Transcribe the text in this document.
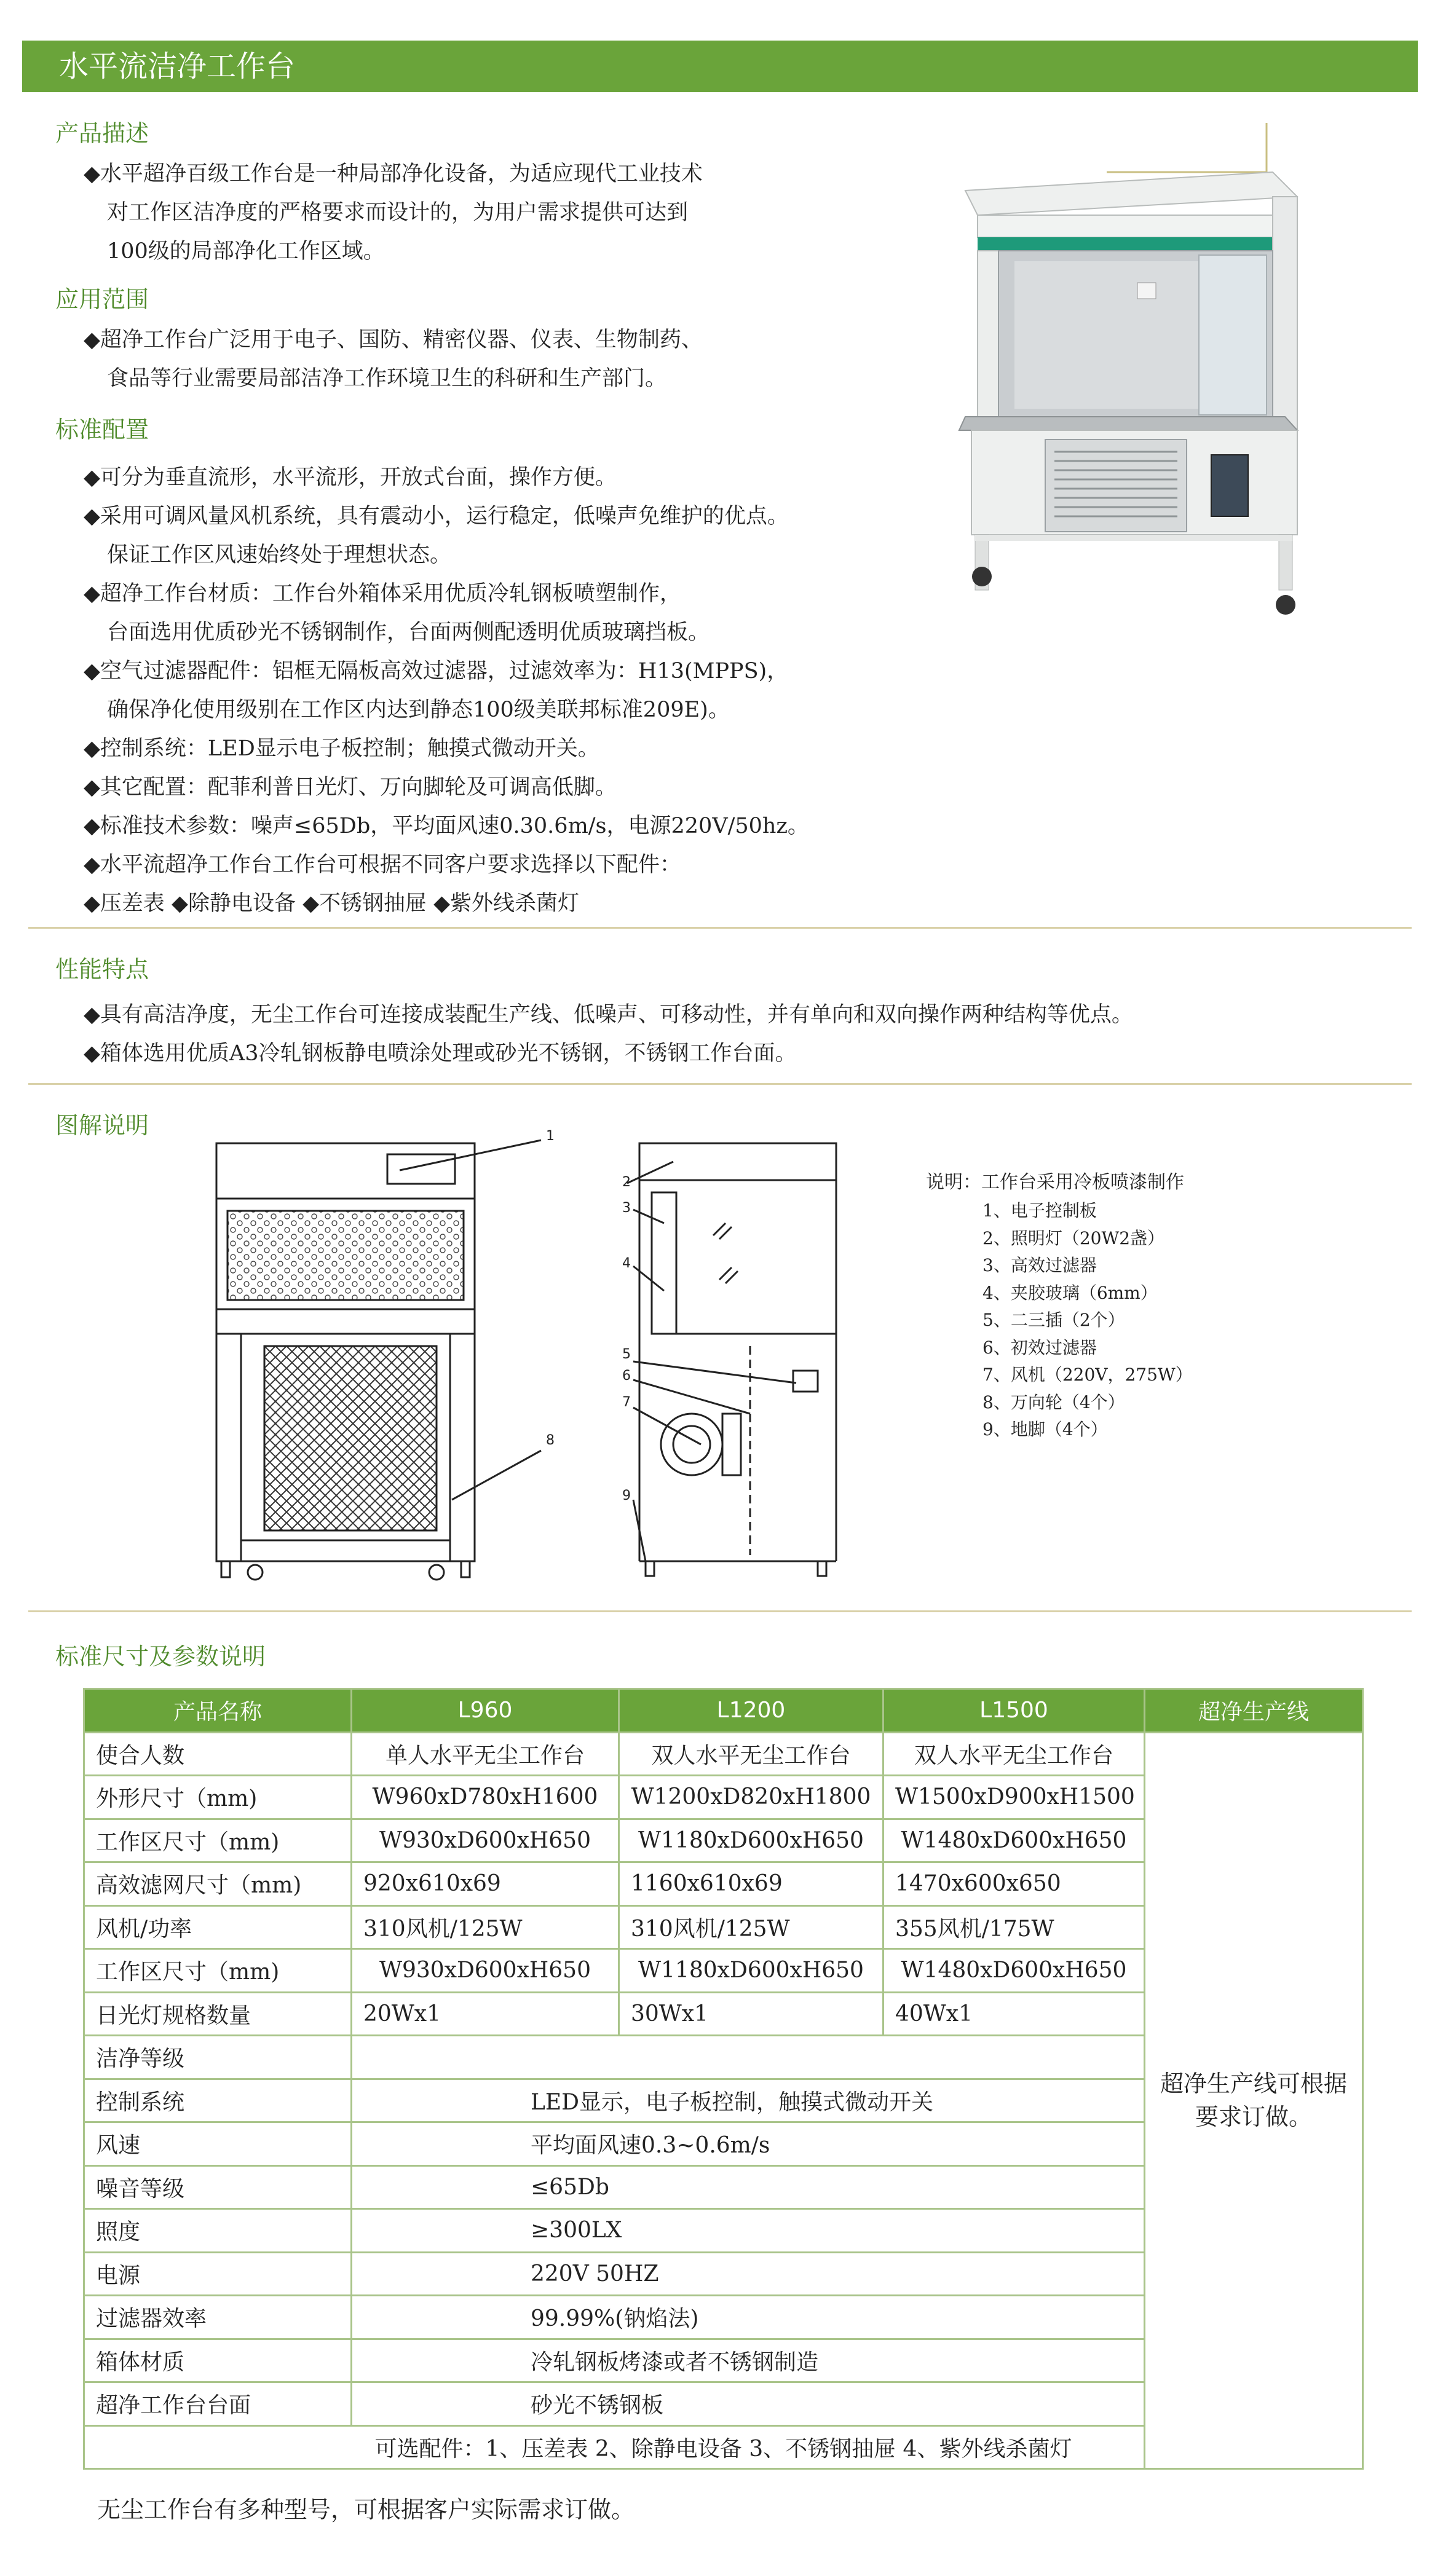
水平流洁净工作台
产品描述
◆水平超净百级工作台是一种局部净化设备，为适应现代工业技术
对工作区洁净度的严格要求而设计的，为用户需求提供可达到
100级的局部净化工作区域。
应用范围
◆超净工作台广泛用于电子、国防、精密仪器、仪表、生物制药、
食品等行业需要局部洁净工作环境卫生的科研和生产部门。
标准配置
◆可分为垂直流形，水平流形，开放式台面，操作方便。
◆采用可调风量风机系统，具有震动小，运行稳定，低噪声免维护的优点。
保证工作区风速始终处于理想状态。
◆超净工作台材质：工作台外箱体采用优质冷轧钢板喷塑制作，
台面选用优质砂光不锈钢制作，台面两侧配透明优质玻璃挡板。
◆空气过滤器配件：铝框无隔板高效过滤器，过滤效率为：H13(MPPS)，
确保净化使用级别在工作区内达到静态100级美联邦标准209E)。
◆控制系统：LED显示电子板控制；触摸式微动开关。
◆其它配置：配菲利普日光灯、万向脚轮及可调高低脚。
◆标准技术参数：噪声≤65Db，平均面风速0.30.6m/s，电源220V/50hz。
◆水平流超净工作台工作台可根据不同客户要求选择以下配件：
◆压差表 ◆除静电设备 ◆不锈钢抽屉 ◆紫外线杀菌灯
性能特点
◆具有高洁净度，无尘工作台可连接成装配生产线、低噪声、可移动性，并有单向和双向操作两种结构等优点。
◆箱体选用优质A3冷轧钢板静电喷涂处理或砂光不锈钢，不锈钢工作台面。
图解说明	1
2
3
4
5
6
7
8
9
说明：工作台采用冷板喷漆制作
1、电子控制板
2、照明灯（20W2盏）
3、高效过滤器
4、夹胶玻璃（6mm）
5、二三插（2个）
6、初效过滤器
7、风机（220V，275W）
8、万向轮（4个）
9、地脚（4个）
标准尺寸及参数说明
产品名称	L960	L1200	L1500	超净生产线
使合人数	单人水平无尘工作台	双人水平无尘工作台	双人水平无尘工作台	超净生产线可根据要求订做。
外形尺寸（mm)	W960xD780xH1600	W1200xD820xH1800	W1500xD900xH1500	
工作区尺寸（mm)	W930xD600xH650	W1180xD600xH650	W1480xD600xH650	
高效滤网尺寸（mm)	920x610x69	1160x610x69	1470x600x650	
风机/功率	310风机/125W	310风机/125W	355风机/175W	
工作区尺寸（mm)	W930xD600xH650	W1180xD600xH650	W1480xD600xH650	
日光灯规格数量	20Wx1	30Wx1	40Wx1	
洁净等级				
控制系统	LED显示，电子板控制，触摸式微动开关			
风速	平均面风速0.3~0.6m/s			
噪音等级	≤65Db			
照度	≥300LX			
电源	220V 50HZ			
过滤器效率	99.99%(钠焰法)			
箱体材质	冷轧钢板烤漆或者不锈钢制造			
超净工作台台面	砂光不锈钢板			
可选配件：1、压差表 2、除静电设备 3、不锈钢抽屉 4、紫外线杀菌灯				
无尘工作台有多种型号，可根据客户实际需求订做。
